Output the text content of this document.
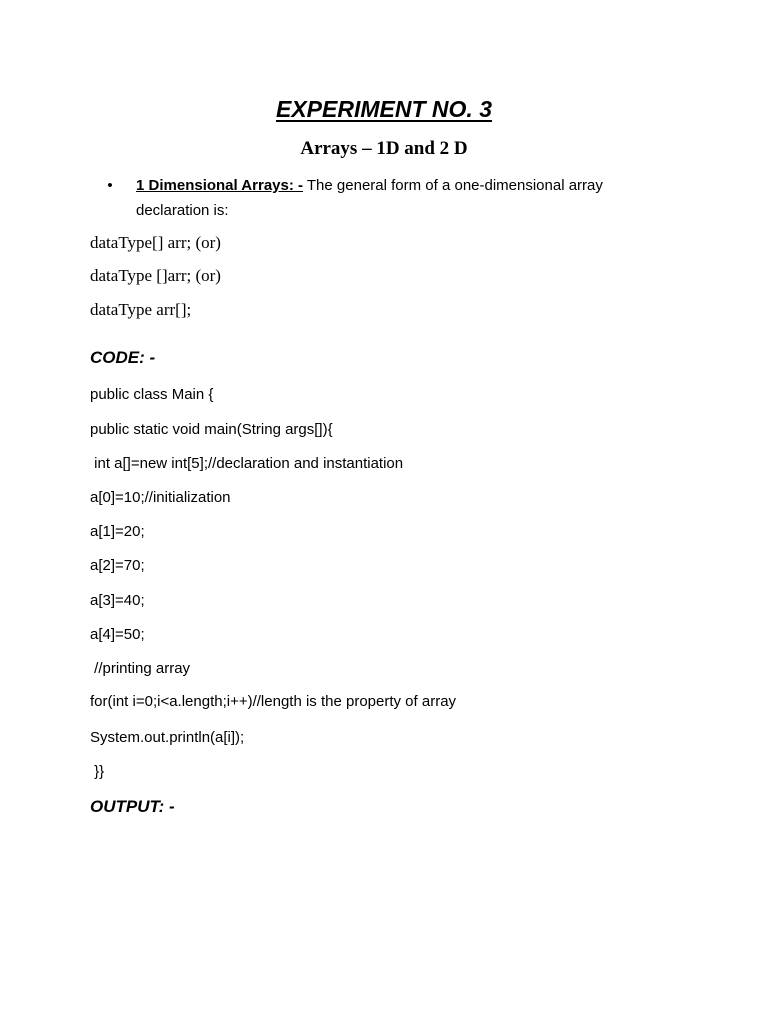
EXPERIMENT NO. 3
Arrays – 1D and 2 D
• 1 Dimensional Arrays: - The general form of a one-dimensional array declaration is:
dataType[] arr; (or)
dataType []arr; (or)
dataType arr[];
CODE: -
public class Main {
public static void main(String args[]){
int a[]=new int[5];//declaration and instantiation
a[0]=10;//initialization
a[1]=20;
a[2]=70;
a[3]=40;
a[4]=50;
//printing array
for(int i=0;i<a.length;i++)//length is the property of array
System.out.println(a[i]);
}}
OUTPUT: -
